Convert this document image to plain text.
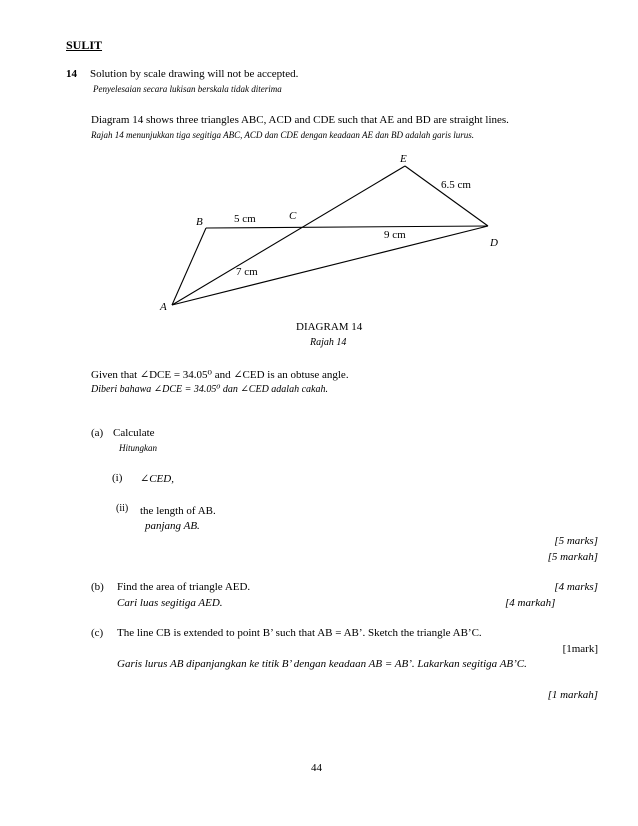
SULIT
14 Solution by scale drawing will not be accepted.
Penyelesaian secara lukisan berskala tidak diterima
Diagram 14 shows three triangles ABC, ACD and CDE such that AE and BD are straight lines.
Rajah 14 menunjukkan tiga segitiga ABC, ACD dan CDE dengan keadaan AE dan BD adalah garis lurus.
E
B	C
D
A
5 cm
9 cm
7 cm
6.5 cm
DIAGRAM 14
Rajah 14
Given that ∠DCE = 34.05⁰ and ∠CED is an obtuse angle.
Diberi bahawa ∠DCE = 34.05⁰ dan ∠CED adalah cakah.
(a) Calculate
Hitungkan
(i) ∠CED,
(ii) the length of AB.
panjang AB.
[5 marks]
[5 markah]
(b) Find the area of triangle AED.
Cari luas segitiga AED.
[4 marks]
[4 markah]
(c) The line CB is extended to point B’ such that AB = AB’. Sketch the triangle AB’C.
[1mark]
Garis lurus AB dipanjangkan ke titik B’ dengan keadaan AB = AB’. Lakarkan segitiga AB’C.
[1 markah]
44
